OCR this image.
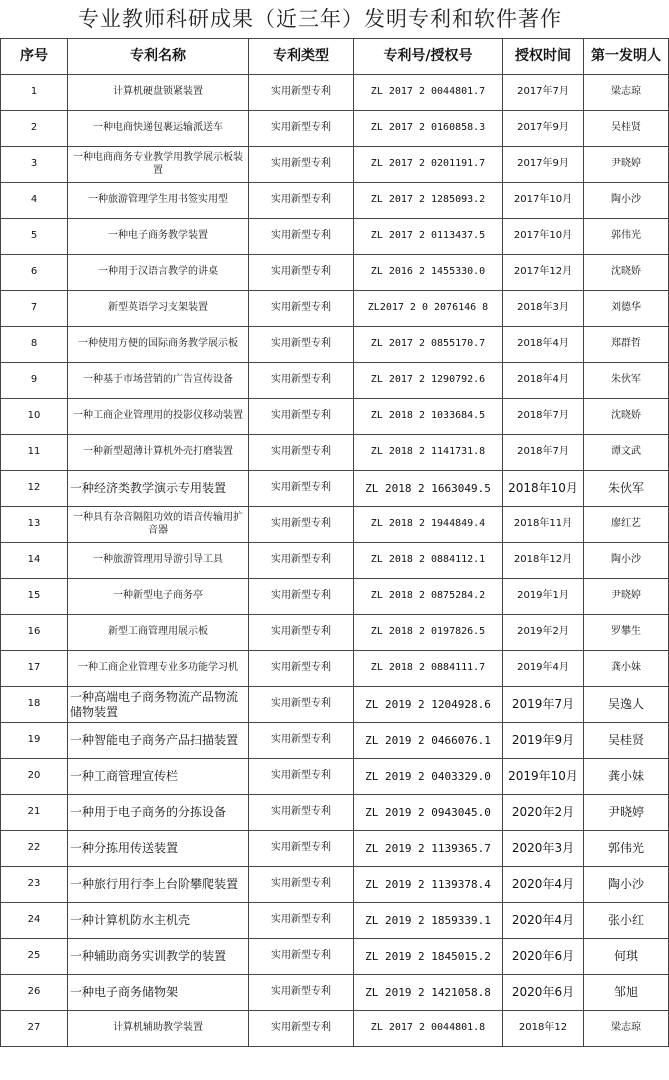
专业教师科研成果（近三年）发明专利和软件著作
序号	专利名称	专利类型	专利号/授权号	授权时间	第一发明人
1	计算机硬盘锁紧装置	实用新型专利	ZL 2017 2 0044801.7	2017年7月	梁志琼
2	一种电商快递包裹运输派送车	实用新型专利	ZL 2017 2 0160858.3	2017年9月	吴桂贤
3	一种电商商务专业教学用教学展示板装置	实用新型专利	ZL 2017 2 0201191.7	2017年9月	尹晓婷
4	一种旅游管理学生用书签实用型	实用新型专利	ZL 2017 2 1285093.2	2017年10月	陶小沙
5	一种电子商务教学装置	实用新型专利	ZL 2017 2 0113437.5	2017年10月	郭伟光
6	一种用于汉语言教学的讲桌	实用新型专利	ZL 2016 2 1455330.0	2017年12月	沈晓娇
7	新型英语学习支架装置	实用新型专利	ZL2017 2 0 2076146 8	2018年3月	刘德华
8	一种使用方便的国际商务教学展示板	实用新型专利	ZL 2017 2 0855170.7	2018年4月	郑群哲
9	一种基于市场营销的广告宣传设备	实用新型专利	ZL 2017 2 1290792.6	2018年4月	朱伙军
10	一种工商企业管理用的投影仪移动装置	实用新型专利	ZL 2018 2 1033684.5	2018年7月	沈晓娇
11	一种新型超薄计算机外壳打磨装置	实用新型专利	ZL 2018 2 1141731.8	2018年7月	谭文武
12	一种经济类教学演示专用装置	实用新型专利	ZL 2018 2 1663049.5	2018年10月	朱伙军
13	一种具有杂音隔阻功效的语音传输用扩音器	实用新型专利	ZL 2018 2 1944849.4	2018年11月	廖红艺
14	一种旅游管理用导游引导工具	实用新型专利	ZL 2018 2 0884112.1	2018年12月	陶小沙
15	一种新型电子商务亭	实用新型专利	ZL 2018 2 0875284.2	2019年1月	尹晓婷
16	新型工商管理用展示板	实用新型专利	ZL 2018 2 0197826.5	2019年2月	罗攀生
17	一种工商企业管理专业多功能学习机	实用新型专利	ZL 2018 2 0884111.7	2019年4月	龚小妹
18	一种高端电子商务物流产品物流储物装置	实用新型专利	ZL 2019 2 1204928.6	2019年7月	吴逸人
19	一种智能电子商务产品扫描装置	实用新型专利	ZL 2019 2 0466076.1	2019年9月	吴桂贤
20	一种工商管理宣传栏	实用新型专利	ZL 2019 2 0403329.0	2019年10月	龚小妹
21	一种用于电子商务的分拣设备	实用新型专利	ZL 2019 2 0943045.0	2020年2月	尹晓婷
22	一种分拣用传送装置	实用新型专利	ZL 2019 2 1139365.7	2020年3月	郭伟光
23	一种旅行用行李上台阶攀爬装置	实用新型专利	ZL 2019 2 1139378.4	2020年4月	陶小沙
24	一种计算机防水主机壳	实用新型专利	ZL 2019 2 1859339.1	2020年4月	张小红
25	一种辅助商务实训教学的装置	实用新型专利	ZL 2019 2 1845015.2	2020年6月	何琪
26	一种电子商务储物架	实用新型专利	ZL 2019 2 1421058.8	2020年6月	邹旭
27	计算机辅助教学装置	实用新型专利	ZL 2017 2 0044801.8	2018年12	梁志琼
